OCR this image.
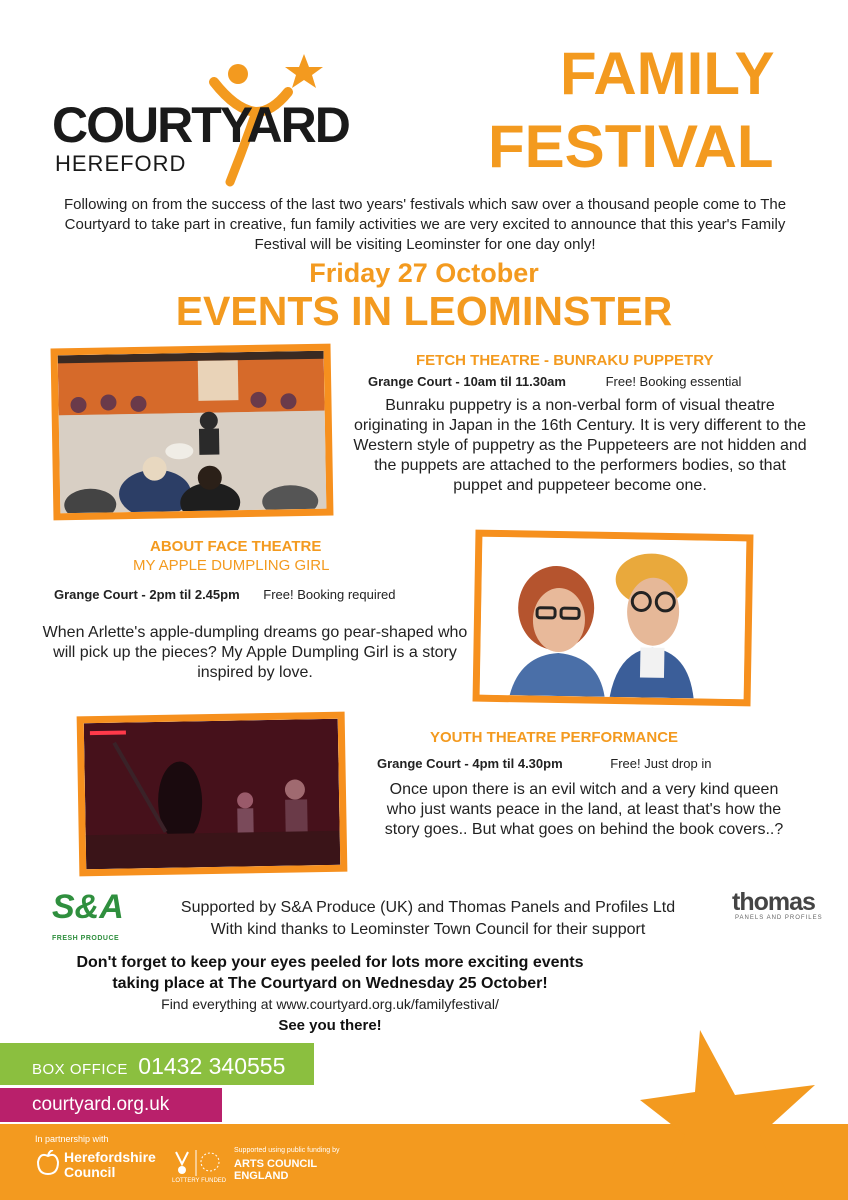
COURTYARD
HEREFORD
FAMILY
FESTIVAL
Following on from the success of the last two years' festivals which saw over a thousand people come to The Courtyard to take part in creative, fun family activities we are very excited to announce that this year's Family Festival will be visiting Leominster for one day only!
Friday 27 October
EVENTS IN LEOMINSTER
FETCH THEATRE - BUNRAKU PUPPETRY
Grange Court - 10am til 11.30am	Free! Booking essential
Bunraku puppetry is a non-verbal form of visual theatre originating in Japan in the 16th Century. It is very different to the Western style of puppetry as the Puppeteers are not hidden and the puppets are attached to the performers bodies, so that puppet and puppeteer become one.
ABOUT FACE THEATRE
MY APPLE DUMPLING GIRL
Grange Court - 2pm til 2.45pm Free! Booking required
When Arlette's apple-dumpling dreams go pear-shaped who will pick up the pieces? My Apple Dumpling Girl is a story inspired by love.
YOUTH THEATRE PERFORMANCE
Grange Court - 4pm til 4.30pm	Free! Just drop in
Once upon there is an evil witch and a very kind queen who just wants peace in the land, at least that's how the story goes.. But what goes on behind the book covers..?
S&A
FRESH PRODUCE
Supported by S&A Produce (UK) and Thomas Panels and Profiles Ltd
With kind thanks to Leominster Town Council for their support
thomas
PANELS AND PROFILES
Don't forget to keep your eyes peeled for lots more exciting events
taking place at The Courtyard on Wednesday 25 October!
Find everything at www.courtyard.org.uk/familyfestival/
See you there!
BOX OFFICE 01432 340555
courtyard.org.uk
In partnership with
Herefordshire
Council
LOTTERY FUNDED
Supported using public funding by
ARTS COUNCIL
ENGLAND
